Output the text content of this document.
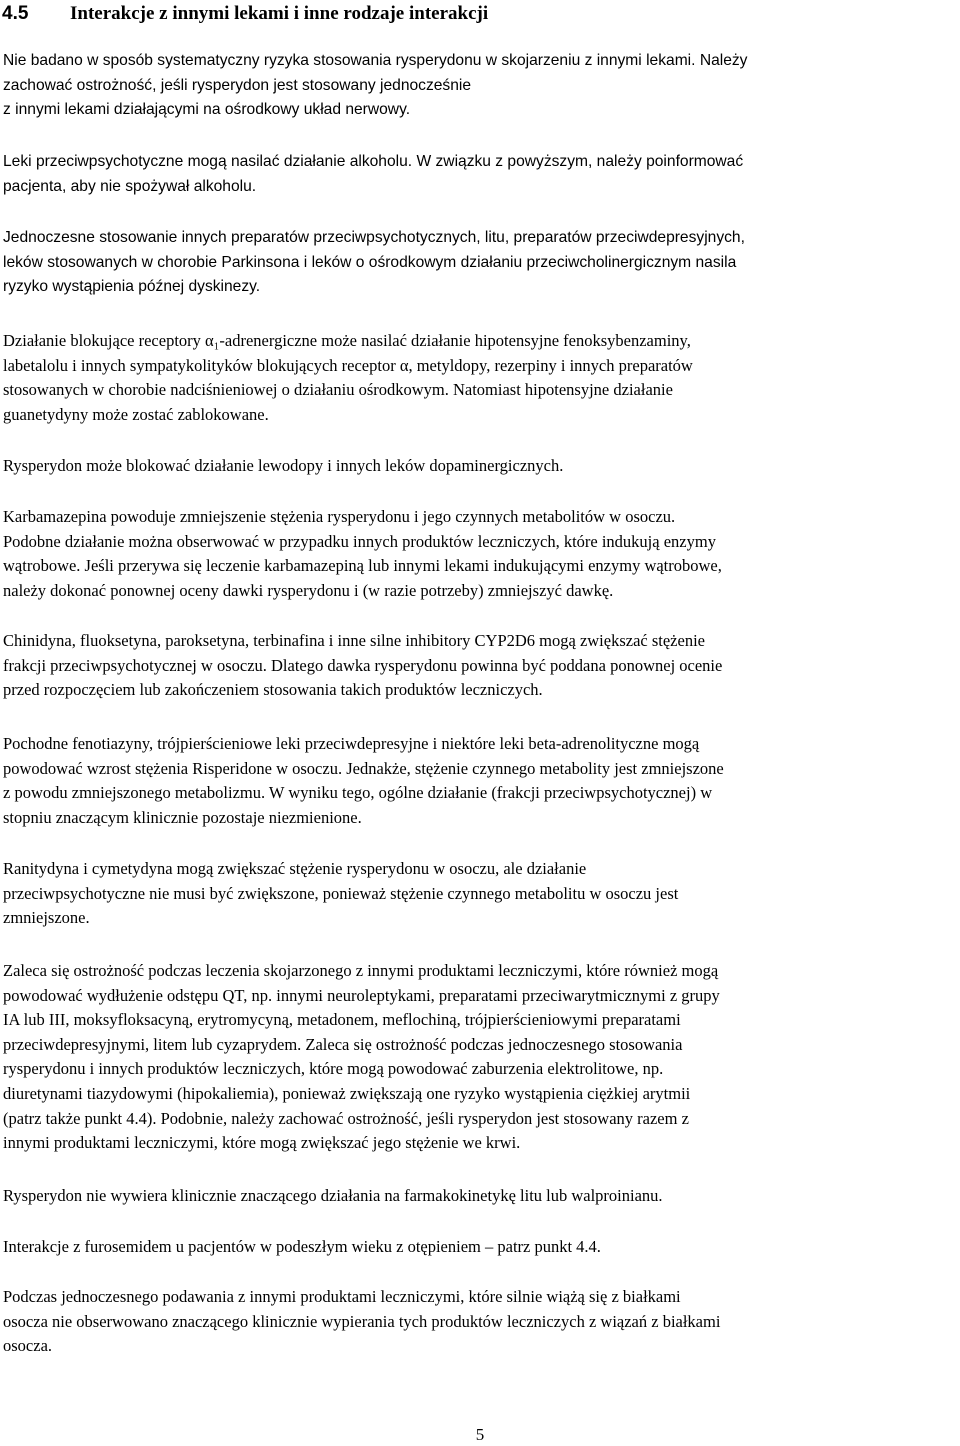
4.5 Interakcje z innymi lekami i inne rodzaje interakcji
Nie badano w sposób systematyczny ryzyka stosowania rysperydonu w skojarzeniu z innymi lekami. Należy
zachować ostrożność, jeśli rysperydon jest stosowany jednocześnie
z innymi lekami działającymi na ośrodkowy układ nerwowy.
Leki przeciwpsychotyczne mogą nasilać działanie alkoholu. W związku z powyższym, należy poinformować
pacjenta, aby nie spożywał alkoholu.
Jednoczesne stosowanie innych preparatów przeciwpsychotycznych, litu, preparatów przeciwdepresyjnych,
leków stosowanych w chorobie Parkinsona i leków o ośrodkowym działaniu przeciwcholinergicznym nasila
ryzyko wystąpienia późnej dyskinezy.
Działanie blokujące receptory α₁-adrenergiczne może nasilać działanie hipotensyjne fenoksybenzaminy,
labetalolu i innych sympatykolityków blokujących receptor α, metyldopy, rezerpiny i innych preparatów
stosowanych w chorobie nadciśnieniowej o działaniu ośrodkowym. Natomiast hipotensyjne działanie
guanetydyny może zostać zablokowane.
Rysperydon może blokować działanie lewodopy i innych leków dopaminergicznych.
Karbamazepina powoduje zmniejszenie stężenia rysperydonu i jego czynnych metabolitów w osoczu.
Podobne działanie można obserwować w przypadku innych produktów leczniczych, które indukują enzymy
wątrobowe. Jeśli przerywa się leczenie karbamazepiną lub innymi lekami indukującymi enzymy wątrobowe,
należy dokonać ponownej oceny dawki rysperydonu i (w razie potrzeby) zmniejszyć dawkę.
Chinidyna, fluoksetyna, paroksetyna, terbinafina i inne silne inhibitory CYP2D6 mogą zwiększać stężenie
frakcji przeciwpsychotycznej w osoczu. Dlatego dawka rysperydonu powinna być poddana ponownej ocenie
przed rozpoczęciem lub zakończeniem stosowania takich produktów leczniczych.
Pochodne fenotiazyny, trójpierścieniowe leki przeciwdepresyjne i niektóre leki beta-adrenolityczne mogą
powodować wzrost stężenia Risperidone w osoczu. Jednakże, stężenie czynnego metabolity jest zmniejszone
z powodu zmniejszonego metabolizmu. W wyniku tego, ogólne działanie (frakcji przeciwpsychotycznej) w
stopniu znaczącym klinicznie pozostaje niezmienione.
Ranitydyna i cymetydyna mogą zwiększać stężenie rysperydonu w osoczu, ale działanie
przeciwpsychotyczne nie musi być zwiększone, ponieważ stężenie czynnego metabolitu w osoczu jest
zmniejszone.
Zaleca się ostrożność podczas leczenia skojarzonego z innymi produktami leczniczymi, które również mogą
powodować wydłużenie odstępu QT, np. innymi neuroleptykami, preparatami przeciwarytmicznymi z grupy
IA lub III, moksyfloksacyną, erytromycyną, metadonem, meflochiną, trójpierścieniowymi preparatami
przeciwdepresyjnymi, litem lub cyzaprydem. Zaleca się ostrożność podczas jednoczesnego stosowania
rysperydonu i innych produktów leczniczych, które mogą powodować zaburzenia elektrolitowe, np.
diuretynami tiazydowymi (hipokaliemia), ponieważ zwiększają one ryzyko wystąpienia ciężkiej arytmii
(patrz także punkt 4.4). Podobnie, należy zachować ostrożność, jeśli rysperydon jest stosowany razem z
innymi produktami leczniczymi, które mogą zwiększać jego stężenie we krwi.
Rysperydon nie wywiera klinicznie znaczącego działania na farmakokinetykę litu lub walproinianu.
Interakcje z furosemidem u pacjentów w podeszłym wieku z otępieniem – patrz punkt 4.4.
Podczas jednoczesnego podawania z innymi produktami leczniczymi, które silnie wiążą się z białkami
osocza nie obserwowano znaczącego klinicznie wypierania tych produktów leczniczych z wiązań z białkami
osocza.
5
